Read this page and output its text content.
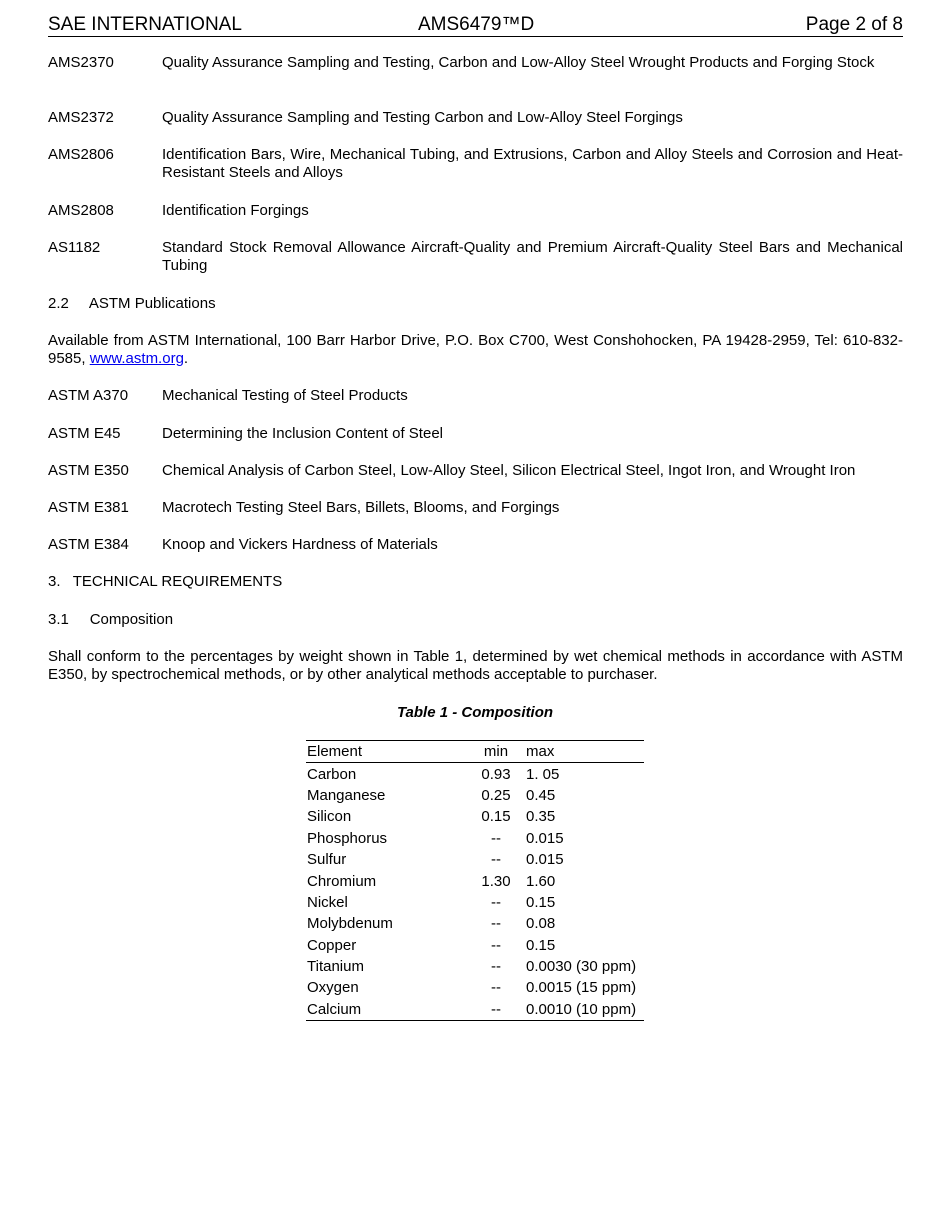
SAE INTERNATIONAL	AMS6479™D	Page 2 of 8
AMS2370	Quality Assurance Sampling and Testing, Carbon and Low-Alloy Steel Wrought Products and Forging Stock
AMS2372	Quality Assurance Sampling and Testing Carbon and Low-Alloy Steel Forgings
AMS2806	Identification Bars, Wire, Mechanical Tubing, and Extrusions, Carbon and Alloy Steels and Corrosion and Heat-Resistant Steels and Alloys
AMS2808	Identification Forgings
AS1182	Standard Stock Removal Allowance Aircraft-Quality and Premium Aircraft-Quality Steel Bars and Mechanical Tubing
2.2     ASTM Publications
Available from ASTM International, 100 Barr Harbor Drive, P.O. Box C700, West Conshohocken, PA 19428-2959, Tel: 610-832-9585, www.astm.org.
ASTM A370 Mechanical Testing of Steel Products
ASTM E45	Determining the Inclusion Content of Steel
ASTM E350 Chemical Analysis of Carbon Steel, Low-Alloy Steel, Silicon Electrical Steel, Ingot Iron, and Wrought Iron
ASTM E381 Macrotech Testing Steel Bars, Billets, Blooms, and Forgings
ASTM E384 Knoop and Vickers Hardness of Materials
3.   TECHNICAL REQUIREMENTS
3.1     Composition
Shall conform to the percentages by weight shown in Table 1, determined by wet chemical methods in accordance with ASTM E350, by spectrochemical methods, or by other analytical methods acceptable to purchaser.
Table 1 - Composition
Element	min	max
Carbon	0.93	1. 05
Manganese	0.25	0.45
Silicon	0.15	0.35
Phosphorus	--	0.015
Sulfur	--	0.015
Chromium	1.30	1.60
Nickel	--	0.15
Molybdenum	--	0.08
Copper	--	0.15
Titanium	--	0.0030 (30 ppm)
Oxygen	--	0.0015 (15 ppm)
Calcium	--	0.0010 (10 ppm)
